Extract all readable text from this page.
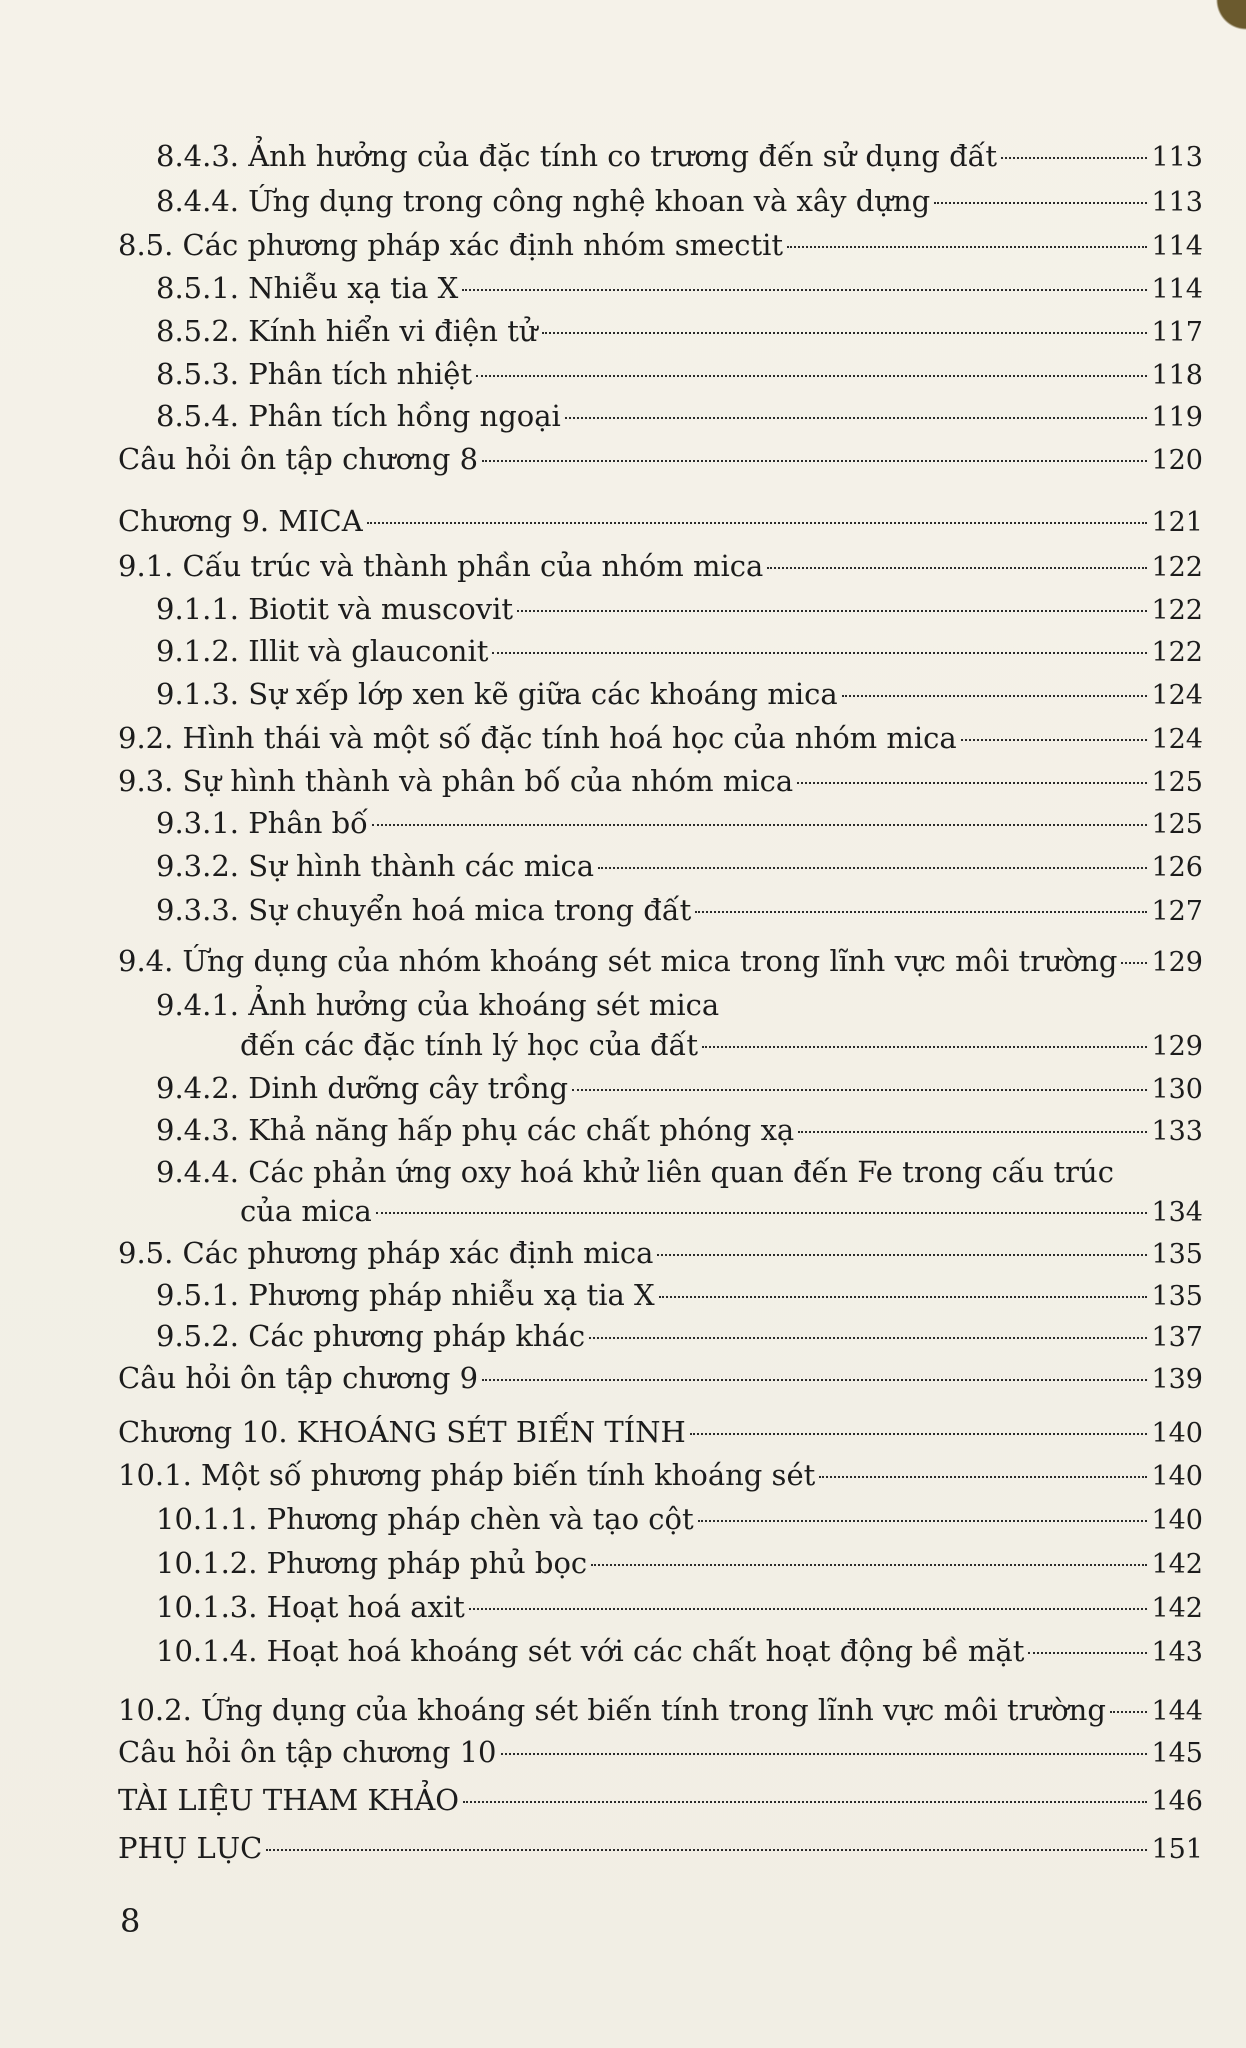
8.4.3. Ảnh hưởng của đặc tính co trương đến sử dụng đất	113
8.4.4. Ứng dụng trong công nghệ khoan và xây dựng	113
8.5. Các phương pháp xác định nhóm smectit	114
8.5.1. Nhiễu xạ tia X	114
8.5.2. Kính hiển vi điện tử	117
8.5.3. Phân tích nhiệt	118
8.5.4. Phân tích hồng ngoại	119
Câu hỏi ôn tập chương 8	120
Chương 9. MICA	121
9.1. Cấu trúc và thành phần của nhóm mica	122
9.1.1. Biotit và muscovit	122
9.1.2. Illit và glauconit	122
9.1.3. Sự xếp lớp xen kẽ giữa các khoáng mica	124
9.2. Hình thái và một số đặc tính hoá học của nhóm mica	124
9.3. Sự hình thành và phân bố của nhóm mica	125
9.3.1. Phân bố	125
9.3.2. Sự hình thành các mica	126
9.3.3. Sự chuyển hoá mica trong đất	127
9.4. Ứng dụng của nhóm khoáng sét mica trong lĩnh vực môi trường 129
9.4.1. Ảnh hưởng của khoáng sét mica
đến các đặc tính lý học của đất	129
9.4.2. Dinh dưỡng cây trồng	130
9.4.3. Khả năng hấp phụ các chất phóng xạ	133
9.4.4. Các phản ứng oxy hoá khử liên quan đến Fe trong cấu trúc
của mica	134
9.5. Các phương pháp xác định mica	135
9.5.1. Phương pháp nhiễu xạ tia X	135
9.5.2. Các phương pháp khác	137
Câu hỏi ôn tập chương 9	139
Chương 10. KHOÁNG SÉT BIẾN TÍNH	140
10.1. Một số phương pháp biến tính khoáng sét	140
10.1.1. Phương pháp chèn và tạo cột	140
10.1.2. Phương pháp phủ bọc	142
10.1.3. Hoạt hoá axit	142
10.1.4. Hoạt hoá khoáng sét với các chất hoạt động bề mặt	143
10.2. Ứng dụng của khoáng sét biến tính trong lĩnh vực môi trường 144
Câu hỏi ôn tập chương 10	145
TÀI LIỆU THAM KHẢO	146
PHỤ LỤC	151
8
